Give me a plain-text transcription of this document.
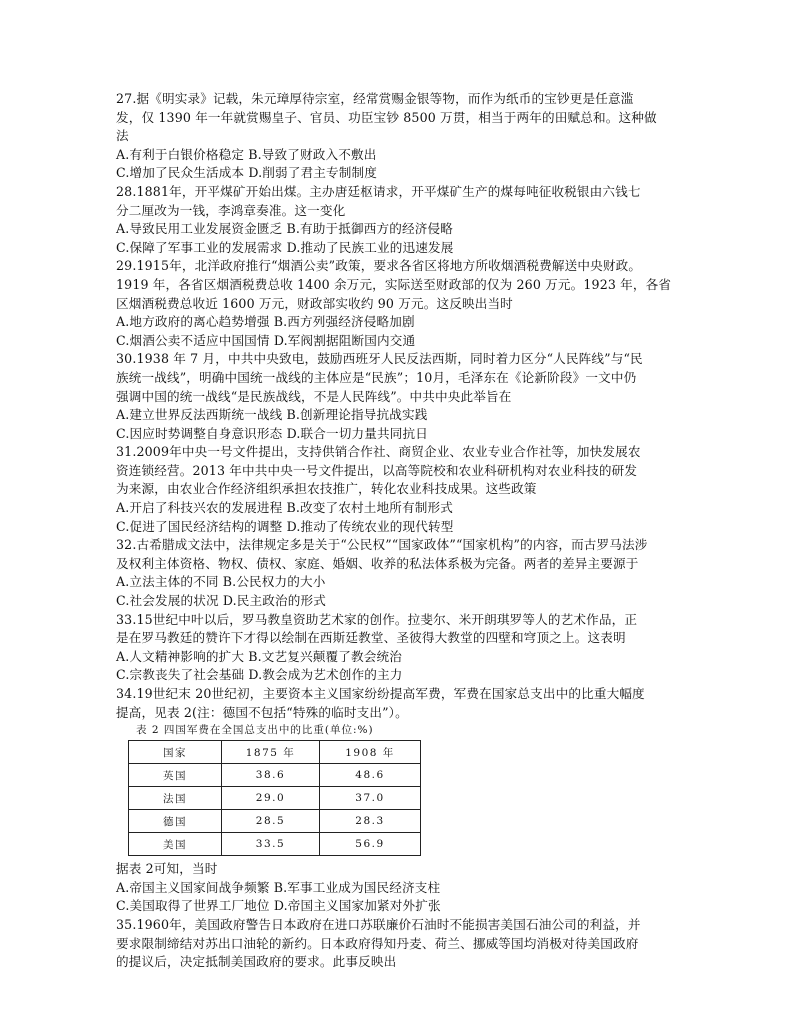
27.据《明实录》记载，朱元璋厚待宗室，经常赏赐金银等物，而作为纸币的宝钞更是任意滥
发，仅 1390 年一年就赏赐皇子、官员、功臣宝钞 8500 万贯，相当于两年的田赋总和。这种做
法
A.有利于白银价格稳定 B.导致了财政入不敷出
C.增加了民众生活成本 D.削弱了君主专制制度
28.1881年，开平煤矿开始出煤。主办唐廷枢请求，开平煤矿生产的煤每吨征收税银由六钱七
分二厘改为一钱，李鸿章奏准。这一变化
A.导致民用工业发展资金匮乏 B.有助于抵御西方的经济侵略
C.保障了军事工业的发展需求 D.推动了民族工业的迅速发展
29.1915年，北洋政府推行“烟酒公卖”政策，要求各省区将地方所收烟酒税费解送中央财政。
1919 年，各省区烟酒税费总收 1400 余万元，实际送至财政部的仅为 260 万元。1923 年，各省
区烟酒税费总收近 1600 万元，财政部实收约 90 万元。这反映出当时
A.地方政府的离心趋势增强 B.西方列强经济侵略加剧
C.烟酒公卖不适应中国国情 D.军阀割据阻断国内交通
30.1938 年 7 月，中共中央致电，鼓励西班牙人民反法西斯，同时着力区分“人民阵线”与“民
族统一战线”，明确中国统一战线的主体应是“民族”；10月，毛泽东在《论新阶段》一文中仍
强调中国的统一战线“是民族战线，不是人民阵线”。中共中央此举旨在
A.建立世界反法西斯统一战线 B.创新理论指导抗战实践
C.因应时势调整自身意识形态 D.联合一切力量共同抗日
31.2009年中央一号文件提出，支持供销合作社、商贸企业、农业专业合作社等，加快发展农
资连锁经营。2013 年中共中央一号文件提出，以高等院校和农业科研机构对农业科技的研发
为来源，由农业合作经济组织承担农技推广，转化农业科技成果。这些政策
A.开启了科技兴农的发展进程 B.改变了农村土地所有制形式
C.促进了国民经济结构的调整 D.推动了传统农业的现代转型
32.古希腊成文法中，法律规定多是关于“公民权”“国家政体”“国家机构”的内容，而古罗马法涉
及权利主体资格、物权、债权、家庭、婚姻、收养的私法体系极为完备。两者的差异主要源于
A.立法主体的不同 B.公民权力的大小
C.社会发展的状况 D.民主政治的形式
33.15世纪中叶以后，罗马教皇资助艺术家的创作。拉斐尔、米开朗琪罗等人的艺术作品，正
是在罗马教廷的赞许下才得以绘制在西斯廷教堂、圣彼得大教堂的四壁和穹顶之上。这表明
A.人文精神影响的扩大 B.文艺复兴颠覆了教会统治
C.宗教丧失了社会基础 D.教会成为艺术创作的主力
34.19世纪末 20世纪初，主要资本主义国家纷纷提高军费，军费在国家总支出中的比重大幅度
提高，见表 2(注：德国不包括“特殊的临时支出”）。
表 2 四国军费在全国总支出中的比重(单位:%)
国家	1875 年	1908 年
英国	38.6	48.6
法国	29.0	37.0
德国	28.5	28.3
美国	33.5	56.9
据表 2可知，当时
A.帝国主义国家间战争频繁 B.军事工业成为国民经济支柱
C.美国取得了世界工厂地位 D.帝国主义国家加紧对外扩张
35.1960年，美国政府警告日本政府在进口苏联廉价石油时不能损害美国石油公司的利益，并
要求限制缔结对苏出口油轮的新约。日本政府得知丹麦、荷兰、挪威等国均消极对待美国政府
的提议后，决定抵制美国政府的要求。此事反映出
